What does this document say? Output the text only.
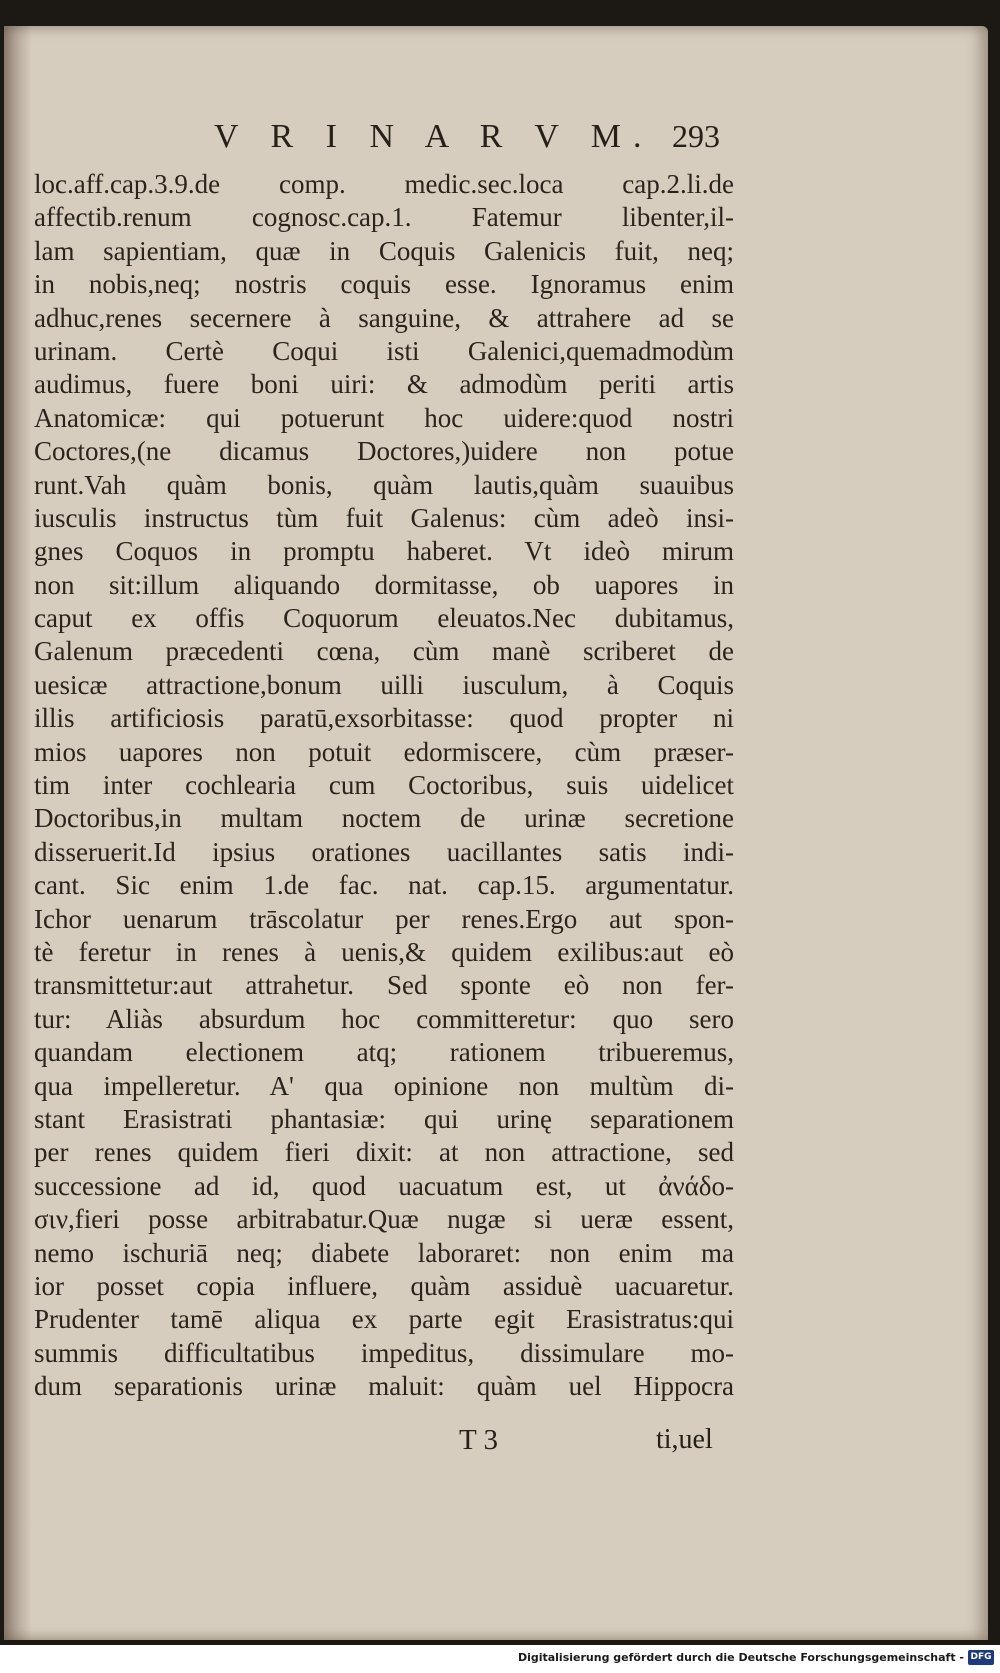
V R I N A R V M. 293
loc.aff.cap.3.9.de comp. medic.sec.loca cap.2.li.de
affectib.renum cognosc.cap.1. Fatemur libenter,il-
lam sapientiam, quæ in Coquis Galenicis fuit, neq;
in nobis,neq; nostris coquis esse. Ignoramus enim
adhuc,renes secernere à sanguine, & attrahere ad se
urinam. Certè Coqui isti Galenici,quemadmodùm
audimus, fuere boni uiri: & admodùm periti artis
Anatomicæ: qui potuerunt hoc uidere:quod nostri
Coctores,(ne dicamus Doctores,)uidere non potue
runt.Vah quàm bonis, quàm lautis,quàm suauibus
iusculis instructus tùm fuit Galenus: cùm adeò insi-
gnes Coquos in promptu haberet. Vt ideò mirum
non sit:illum aliquando dormitasse, ob uapores in
caput ex offis Coquorum eleuatos.Nec dubitamus,
Galenum præcedenti cœna, cùm manè scriberet de
uesicæ attractione,bonum uilli iusculum, à Coquis
illis artificiosis paratū,exsorbitasse: quod propter ni
mios uapores non potuit edormiscere, cùm præser-
tim inter cochlearia cum Coctoribus, suis uidelicet
Doctoribus,in multam noctem de urinæ secretione
disseruerit.Id ipsius orationes uacillantes satis indi-
cant. Sic enim 1.de fac. nat. cap.15. argumentatur.
Ichor uenarum trāscolatur per renes.Ergo aut spon-
tè feretur in renes à uenis,& quidem exilibus:aut eò
transmittetur:aut attrahetur. Sed sponte eò non fer-
tur: Aliàs absurdum hoc committeretur: quo sero
quandam electionem atq; rationem tribueremus,
qua impelleretur. A' qua opinione non multùm di-
stant Erasistrati phantasiæ: qui urinę separationem
per renes quidem fieri dixit: at non attractione, sed
successione ad id, quod uacuatum est, ut ἀνάδο-
σιν,fieri posse arbitrabatur.Quæ nugæ si ueræ essent,
nemo ischuriā neq; diabete laboraret: non enim ma
ior posset copia influere, quàm assiduè uacuaretur.
Prudenter tamē aliqua ex parte egit Erasistratus:qui
summis difficultatibus impeditus, dissimulare mo-
dum separationis urinæ maluit: quàm uel Hippocra
T 3	ti,uel
Digitalisierung gefördert durch die Deutsche Forschungsgemeinschaft - DFG
